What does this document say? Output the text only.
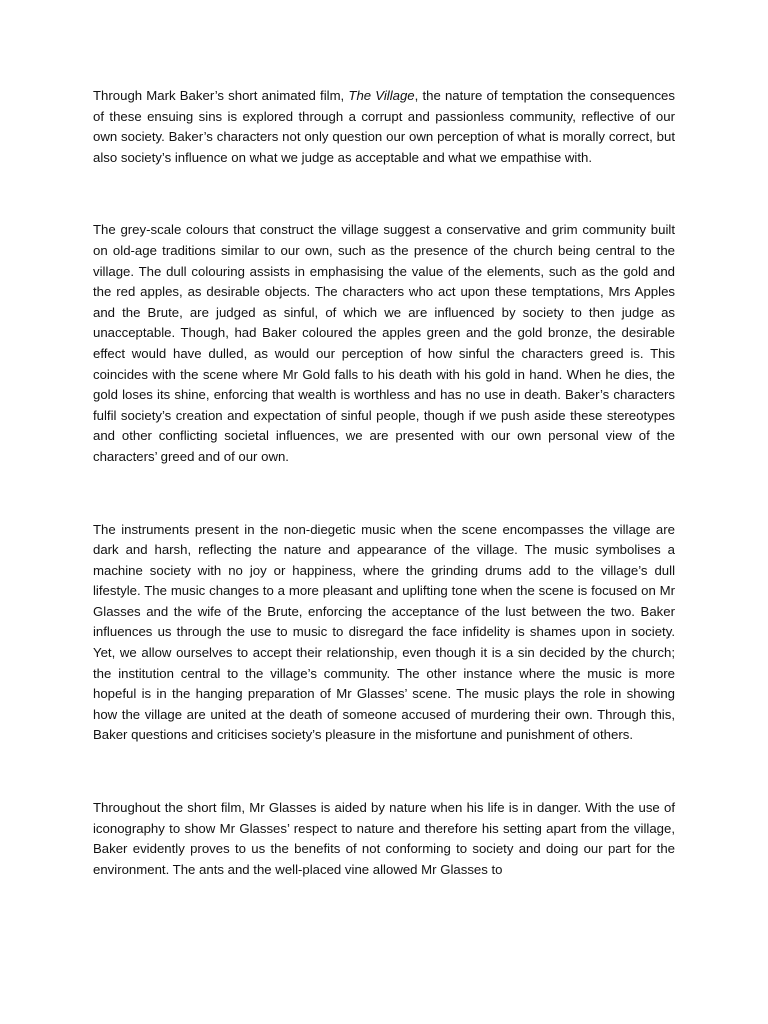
Through Mark Baker’s short animated film, The Village, the nature of temptation the consequences of these ensuing sins is explored through a corrupt and passionless community, reflective of our own society. Baker’s characters not only question our own perception of what is morally correct, but also society’s influence on what we judge as acceptable and what we empathise with.

The grey-scale colours that construct the village suggest a conservative and grim community built on old-age traditions similar to our own, such as the presence of the church being central to the village. The dull colouring assists in emphasising the value of the elements, such as the gold and the red apples, as desirable objects. The characters who act upon these temptations, Mrs Apples and the Brute, are judged as sinful, of which we are influenced by society to then judge as unacceptable. Though, had Baker coloured the apples green and the gold bronze, the desirable effect would have dulled, as would our perception of how sinful the characters greed is. This coincides with the scene where Mr Gold falls to his death with his gold in hand. When he dies, the gold loses its shine, enforcing that wealth is worthless and has no use in death. Baker’s characters fulfil society’s creation and expectation of sinful people, though if we push aside these stereotypes and other conflicting societal influences, we are presented with our own personal view of the characters’ greed and of our own.

The instruments present in the non-diegetic music when the scene encompasses the village are dark and harsh, reflecting the nature and appearance of the village. The music symbolises a machine society with no joy or happiness, where the grinding drums add to the village’s dull lifestyle. The music changes to a more pleasant and uplifting tone when the scene is focused on Mr Glasses and the wife of the Brute, enforcing the acceptance of the lust between the two. Baker influences us through the use to music to disregard the face infidelity is shames upon in society. Yet, we allow ourselves to accept their relationship, even though it is a sin decided by the church; the institution central to the village’s community. The other instance where the music is more hopeful is in the hanging preparation of Mr Glasses’ scene. The music plays the role in showing how the village are united at the death of someone accused of murdering their own. Through this, Baker questions and criticises society’s pleasure in the misfortune and punishment of others.

Throughout the short film, Mr Glasses is aided by nature when his life is in danger. With the use of iconography to show Mr Glasses’ respect to nature and therefore his setting apart from the village, Baker evidently proves to us the benefits of not conforming to society and doing our part for the environment. The ants and the well-placed vine allowed Mr Glasses to
